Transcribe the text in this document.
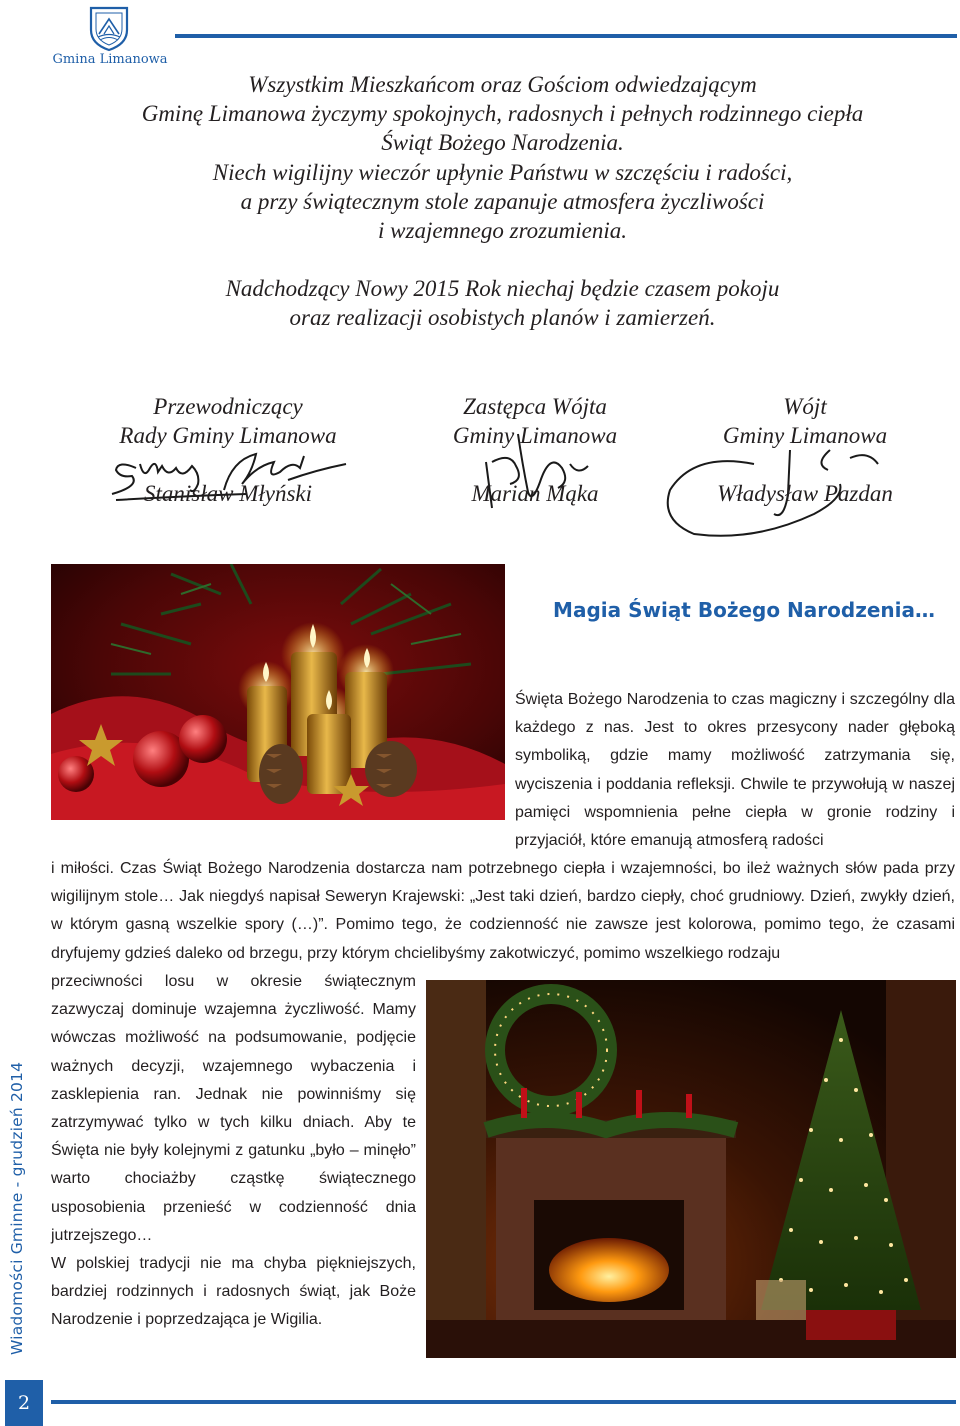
Gmina Limanowa

Wszystkim Mieszkańcom oraz Gościom odwiedzającym

Gminę Limanowa życzymy spokojnych, radosnych i pełnych rodzinnego ciepła

Świąt Bożego Narodzenia.

Niech wigilijny wieczór upłynie Państwu w szczęściu i radości,

a przy świątecznym stole zapanuje atmosfera życzliwości

i wzajemnego zrozumienia.

Nadchodzący Nowy 2015 Rok niechaj będzie czasem pokoju

oraz realizacji osobistych planów i zamierzeń.

Przewodniczący
Rady Gminy Limanowa
Stanisław Młyński
Zastępca Wójta
Gminy Limanowa
Marian Mąka
Wójt
Gminy Limanowa
Władysław Pazdan
Magia Świąt Bożego Narodzenia…

Święta Bożego Narodzenia to czas magiczny i szczególny dla każdego z nas. Jest to okres przesycony nader głęboką symboliką, gdzie mamy możliwość zatrzymania się, wyciszenia i poddania refleksji. Chwile te przywołują w naszej pamięci wspomnienia pełne ciepła w gronie rodziny i przyjaciół, które emanują atmosferą radości

i miłości. Czas Świąt Bożego Narodzenia dostarcza nam potrzebnego ciepła i wzajemności, bo ileż ważnych słów pada przy wigilijnym stole… Jak niegdyś napisał Seweryn Krajewski: „Jest taki dzień, bardzo ciepły, choć grudniowy. Dzień, zwykły dzień, w którym gasną wszelkie spory (…)”. Pomimo tego, że codzienność nie zawsze jest kolorowa, pomimo tego, że czasami dryfujemy gdzieś daleko od brzegu, przy którym chcielibyśmy zakotwiczyć, pomimo wszelkiego rodzaju

przeciwności losu w okresie świątecznym zazwyczaj dominuje wzajemna życzliwość. Mamy wówczas możliwość na podsumowanie, podjęcie ważnych decyzji, wzajemnego wybaczenia i zasklepienia ran. Jednak nie powinniśmy się zatrzymywać tylko w tych kilku dniach. Aby te Święta nie były kolejnymi z gatunku „było – minęło” warto chociażby cząstkę świątecznego usposobienia przenieść w codzienność dnia jutrzejszego…

W polskiej tradycji nie ma chyba piękniejszych, bardziej rodzinnych i radosnych świąt, jak Boże Narodzenie i poprzedzająca je Wigilia.

Wiadomości Gminne - grudzień 2014
2
